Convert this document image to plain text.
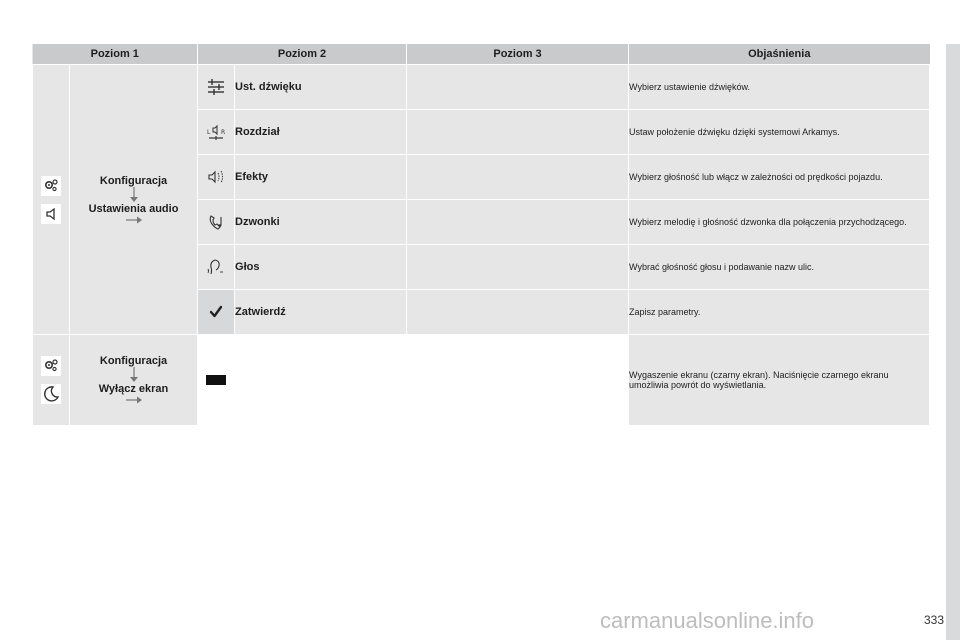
Poziom 1		Poziom 2		Poziom 3	Objaśnienia

Konfiguracja
Ustawienia audio		Ust. dźwięku		Wybierz ustawienie dźwięków.

L R	Rozdział		Ustaw położenie dźwięku dzięki systemowi Arkamys.

	Efekty		Wybierz głośność lub włącz w zależności od prędkości pojazdu.

	Dzwonki		Wybierz melodię i głośność dzwonka dla połączenia przychodzącego.

	Głos		Wybrać głośność głosu i podawanie nazw ulic.

	Zatwierdź		Zapisz parametry.

Konfiguracja
Wyłącz ekran				Wygaszenie ekranu (czarny ekran). Naciśnięcie czarnego ekranu umożliwia powrót do wyświetlania.
333
carmanualsonline.info
